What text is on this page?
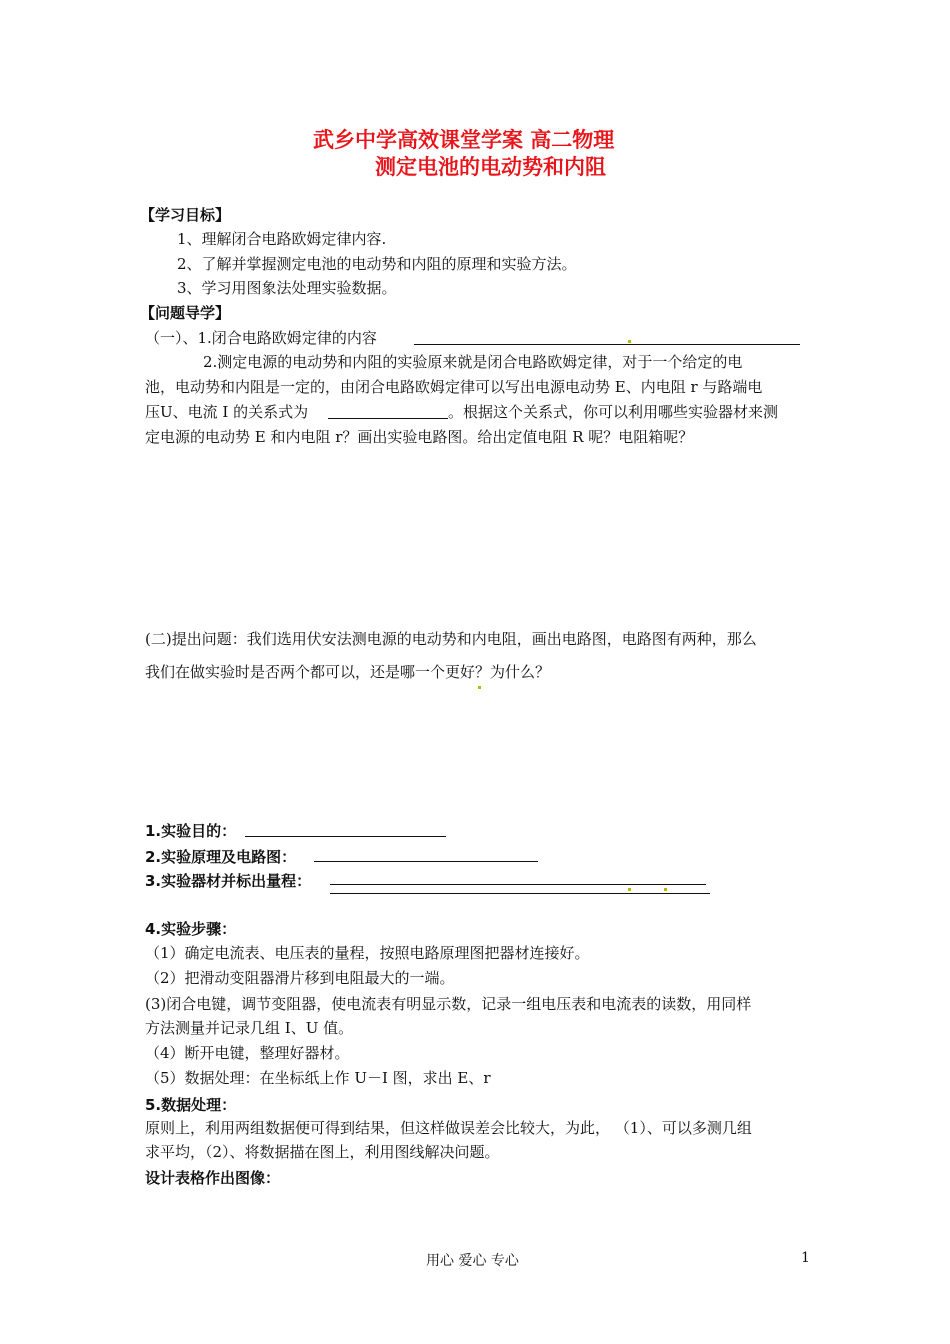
武乡中学高效课堂学案 高二物理
测定电池的电动势和内阻
【学习目标】
1、理解闭合电路欧姆定律内容.
2、了解并掌握测定电池的电动势和内阻的原理和实验方法。
3、学习用图象法处理实验数据。
【问题导学】
（一）、1.闭合电路欧姆定律的内容
2.测定电源的电动势和内阻的实验原来就是闭合电路欧姆定律，对于一个给定的电
池，电动势和内阻是一定的，由闭合电路欧姆定律可以写出电源电动势 E、内电阻 r 与路端电
压U、电流 I 的关系式为	。根据这个关系式，你可以利用哪些实验器材来测
定电源的电动势 E 和内电阻 r？画出实验电路图。给出定值电阻 R 呢？电阻箱呢？
(二)提出问题：我们选用伏安法测电源的电动势和内电阻，画出电路图，电路图有两种，那么
我们在做实验时是否两个都可以，还是哪一个更好？为什么？
1.实验目的：
2.实验原理及电路图：
3.实验器材并标出量程：
4.实验步骤：
（1）确定电流表、电压表的量程，按照电路原理图把器材连接好。
（2）把滑动变阻器滑片移到电阻最大的一端。
(3)闭合电键，调节变阻器，使电流表有明显示数，记录一组电压表和电流表的读数，用同样
方法测量并记录几组 I、U 值。
（4）断开电键，整理好器材。
（5）数据处理：在坐标纸上作 U－I 图，求出 E、r
5.数据处理：
原则上，利用两组数据便可得到结果，但这样做误差会比较大，为此， （1）、可以多测几组
求平均，（2）、将数据描在图上，利用图线解决问题。
设计表格作出图像：
用心 爱心 专心	1
